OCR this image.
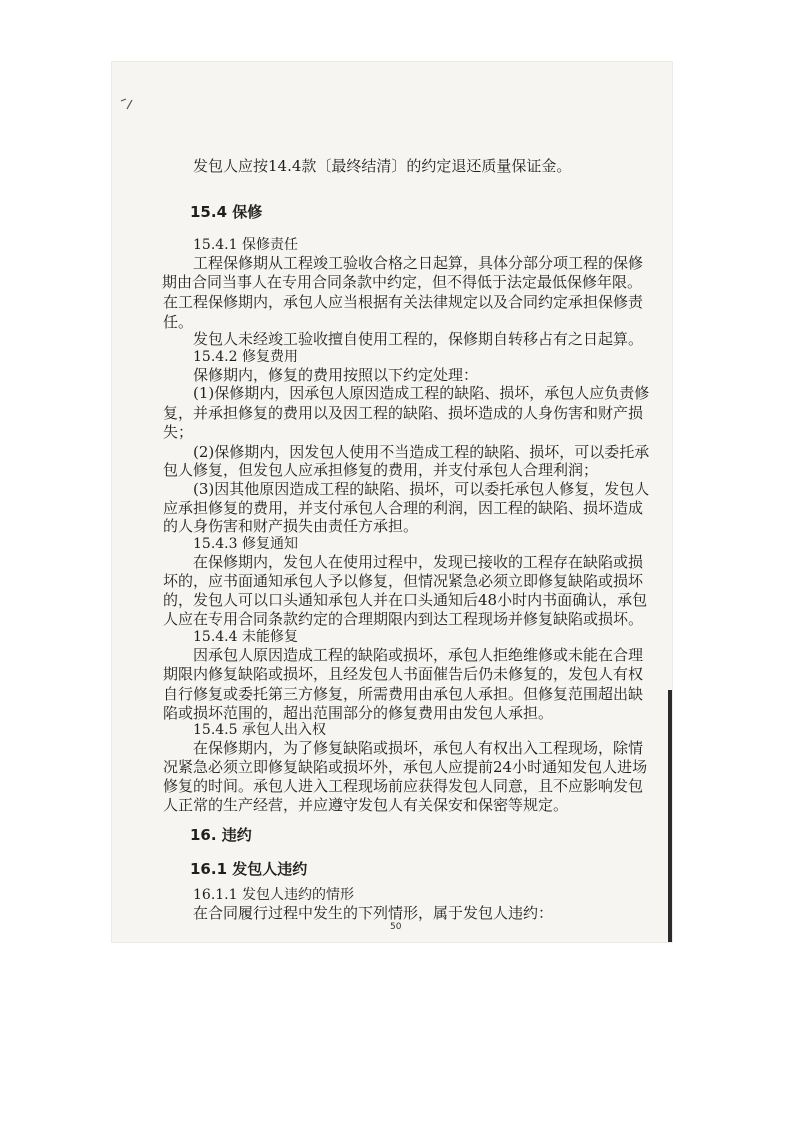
发包人应按14.4款〔最终结清〕的约定退还质量保证金。
15.4 保修
15.4.1 保修责任
工程保修期从工程竣工验收合格之日起算，具体分部分项工程的保修
期由合同当事人在专用合同条款中约定，但不得低于法定最低保修年限。
在工程保修期内，承包人应当根据有关法律规定以及合同约定承担保修责
任。
发包人未经竣工验收擅自使用工程的，保修期自转移占有之日起算。
15.4.2 修复费用
保修期内，修复的费用按照以下约定处理：
(1)保修期内，因承包人原因造成工程的缺陷、损坏，承包人应负责修
复，并承担修复的费用以及因工程的缺陷、损坏造成的人身伤害和财产损
失；
(2)保修期内，因发包人使用不当造成工程的缺陷、损坏，可以委托承
包人修复，但发包人应承担修复的费用，并支付承包人合理利润；
(3)因其他原因造成工程的缺陷、损坏，可以委托承包人修复，发包人
应承担修复的费用，并支付承包人合理的利润，因工程的缺陷、损坏造成
的人身伤害和财产损失由责任方承担。
15.4.3 修复通知
在保修期内，发包人在使用过程中，发现已接收的工程存在缺陷或损
坏的，应书面通知承包人予以修复，但情况紧急必须立即修复缺陷或损坏
的，发包人可以口头通知承包人并在口头通知后48小时内书面确认，承包
人应在专用合同条款约定的合理期限内到达工程现场并修复缺陷或损坏。
15.4.4 未能修复
因承包人原因造成工程的缺陷或损坏，承包人拒绝维修或未能在合理
期限内修复缺陷或损坏，且经发包人书面催告后仍未修复的，发包人有权
自行修复或委托第三方修复，所需费用由承包人承担。但修复范围超出缺
陷或损坏范围的，超出范围部分的修复费用由发包人承担。
15.4.5 承包人出入权
在保修期内，为了修复缺陷或损坏，承包人有权出入工程现场，除情
况紧急必须立即修复缺陷或损坏外，承包人应提前24小时通知发包人进场
修复的时间。承包人进入工程现场前应获得发包人同意，且不应影响发包
人正常的生产经营，并应遵守发包人有关保安和保密等规定。
16. 违约
16.1 发包人违约
16.1.1 发包人违约的情形
在合同履行过程中发生的下列情形，属于发包人违约：
50
